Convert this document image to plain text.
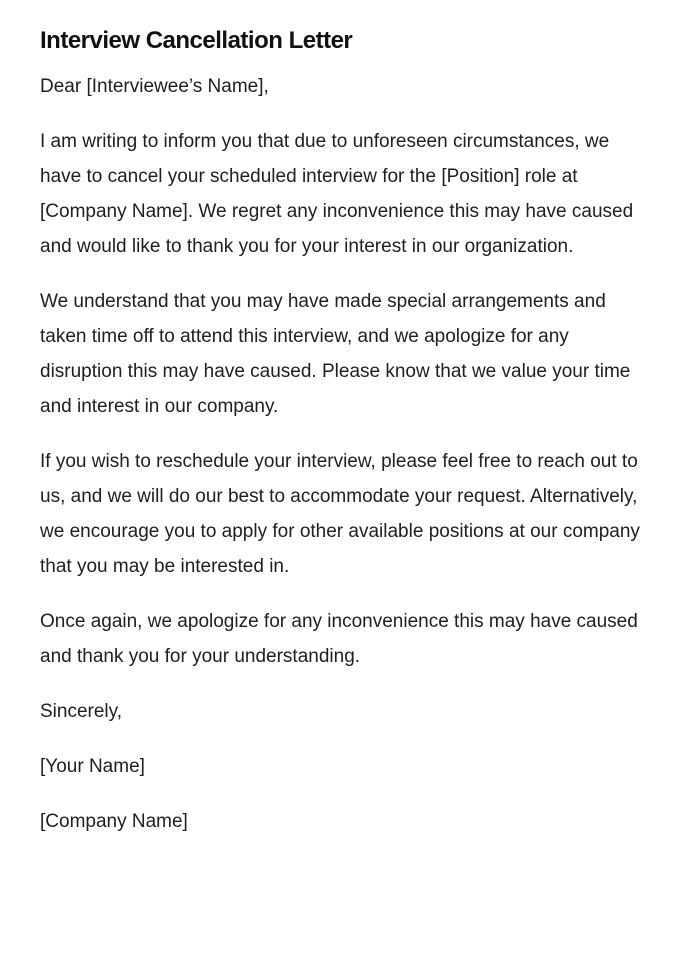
Interview Cancellation Letter

Dear [Interviewee’s Name],

I am writing to inform you that due to unforeseen circumstances, we have to cancel your scheduled interview for the [Position] role at [Company Name]. We regret any inconvenience this may have caused and would like to thank you for your interest in our organization.

We understand that you may have made special arrangements and taken time off to attend this interview, and we apologize for any disruption this may have caused. Please know that we value your time and interest in our company.

If you wish to reschedule your interview, please feel free to reach out to us, and we will do our best to accommodate your request. Alternatively, we encourage you to apply for other available positions at our company that you may be interested in.

Once again, we apologize for any inconvenience this may have caused and thank you for your understanding.

Sincerely,

[Your Name]

[Company Name]
